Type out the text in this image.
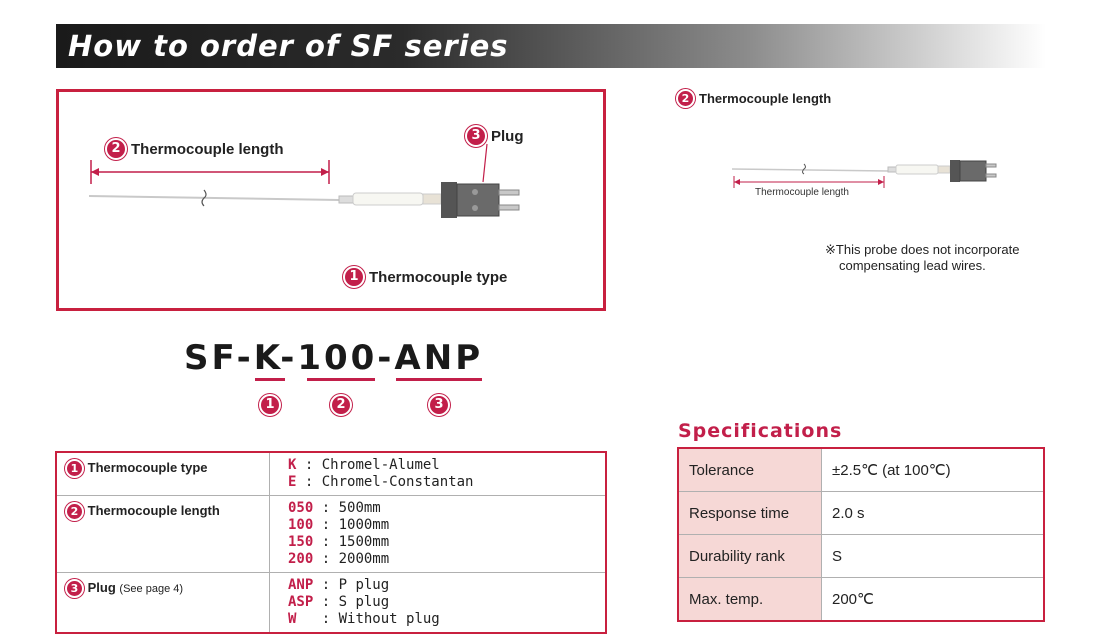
How to order of SF series
2 Thermocouple length
3 Plug
1 Thermocouple type
2 Thermocouple length
Thermocouple length
※This probe does not incorporate
compensating lead wires.
SF-K-100-ANP
1	2	3
1 Thermocouple type	K : Chromel-Alumel
E : Chromel-Constantan

2 Thermocouple length	050 : 500mm
100 : 1000mm
150 : 1500mm
200 : 2000mm

3 Plug (See page 4)	ANP : P plug
ASP : S plug
W   : Without plug
Specifications
Tolerance	±2.5℃ (at 100℃)
Response time	2.0 s
Durability rank	S
Max. temp.	200℃
